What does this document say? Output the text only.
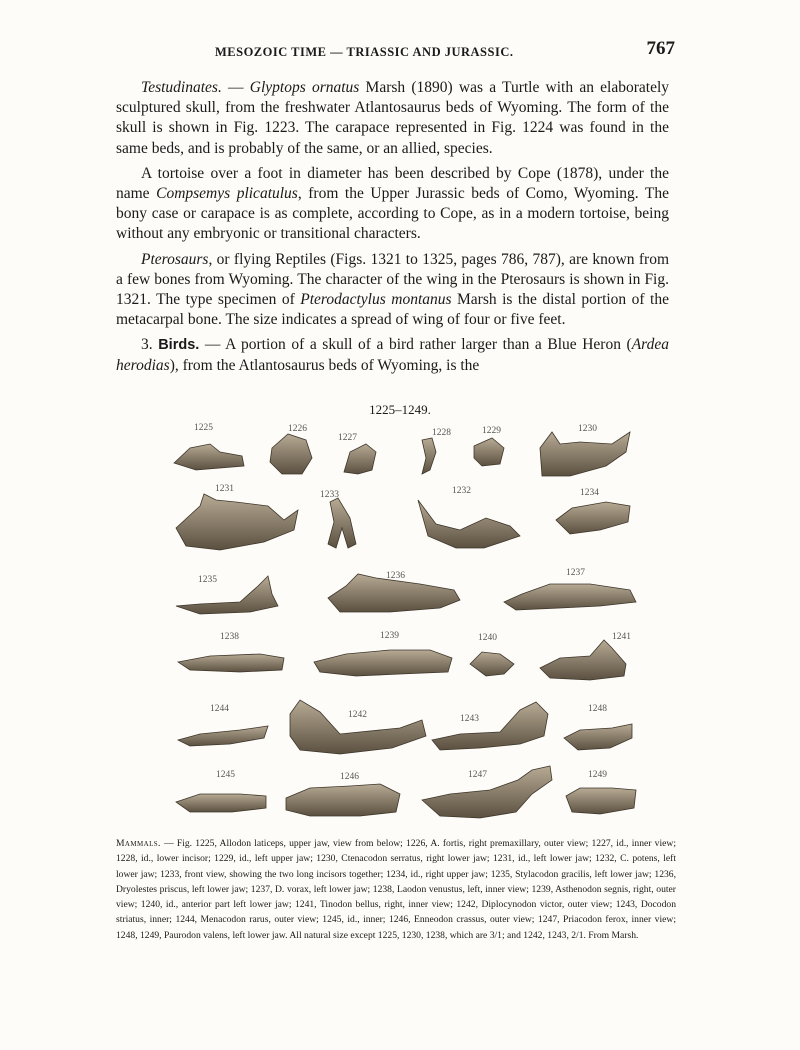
MESOZOIC TIME — TRIASSIC AND JURASSIC.	767

Testudinates. — Glyptops ornatus Marsh (1890) was a Turtle with an elaborately sculptured skull, from the freshwater Atlantosaurus beds of Wyoming. The form of the skull is shown in Fig. 1223. The carapace represented in Fig. 1224 was found in the same beds, and is probably of the same, or an allied, species.

A tortoise over a foot in diameter has been described by Cope (1878), under the name Compsemys plicatulus, from the Upper Jurassic beds of Como, Wyoming. The bony case or carapace is as complete, according to Cope, as in a modern tortoise, being without any embryonic or transitional characters.

Pterosaurs, or flying Reptiles (Figs. 1321 to 1325, pages 786, 787), are known from a few bones from Wyoming. The character of the wing in the Pterosaurs is shown in Fig. 1321. The type specimen of Pterodactylus montanus Marsh is the distal portion of the metacarpal bone. The size indicates a spread of wing of four or five feet.

3. Birds. — A portion of a skull of a bird rather larger than a Blue Heron (Ardea herodias), from the Atlantosaurus beds of Wyoming, is the

1225–1249.
1225	1226
1227	1228	1229	1230
1231
1233	1232	1234
1235	1236	1237
1238	1239	1240	1241
1244
1242	1243
1248
1245	1246	1247	1249
Mammals. — Fig. 1225, Allodon laticeps, upper jaw, view from below; 1226, A. fortis, right premaxillary, outer view; 1227, id., inner view; 1228, id., lower incisor; 1229, id., left upper jaw; 1230, Ctenacodon serratus, right lower jaw; 1231, id., left lower jaw; 1232, C. potens, left lower jaw; 1233, front view, showing the two long incisors together; 1234, id., right upper jaw; 1235, Stylacodon gracilis, left lower jaw; 1236, Dryolestes priscus, left lower jaw; 1237, D. vorax, left lower jaw; 1238, Laodon venustus, left, inner view; 1239, Asthenodon segnis, right, outer view; 1240, id., anterior part left lower jaw; 1241, Tinodon bellus, right, inner view; 1242, Diplocynodon victor, outer view; 1243, Docodon striatus, inner; 1244, Menacodon rarus, outer view; 1245, id., inner; 1246, Enneodon crassus, outer view; 1247, Priacodon ferox, inner view; 1248, 1249, Paurodon valens, left lower jaw. All natural size except 1225, 1230, 1238, which are 3/1; and 1242, 1243, 2/1. From Marsh.
